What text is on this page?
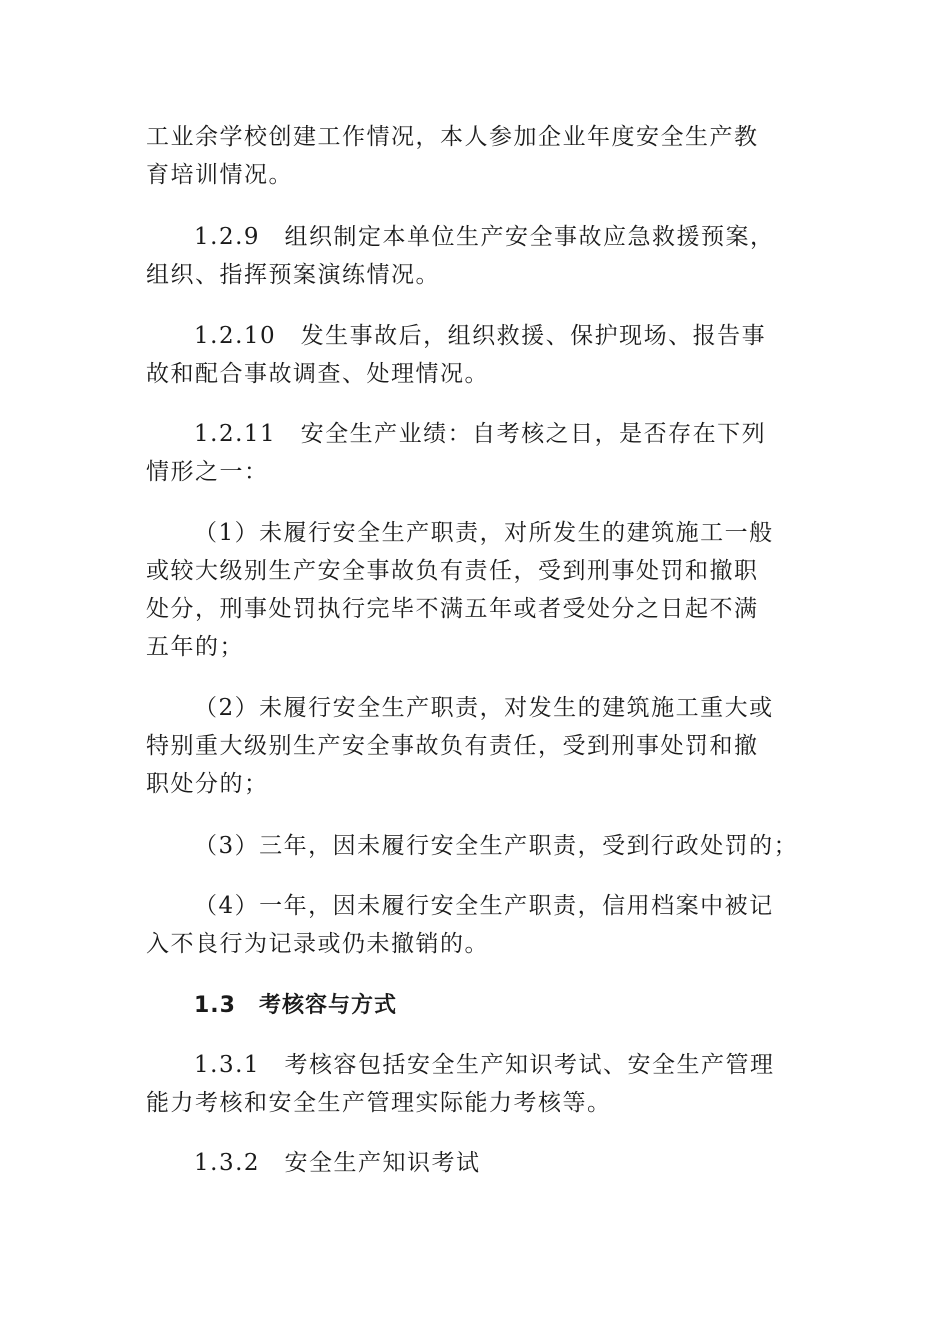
工业余学校创建工作情况，本人参加企业年度安全生产教
育培训情况。

1.2.9　组织制定本单位生产安全事故应急救援预案，
组织、指挥预案演练情况。

1.2.10　发生事故后，组织救援、保护现场、报告事
故和配合事故调查、处理情况。

1.2.11　安全生产业绩：自考核之日，是否存在下列
情形之一：

（1）未履行安全生产职责，对所发生的建筑施工一般
或较大级别生产安全事故负有责任，受到刑事处罚和撤职
处分，刑事处罚执行完毕不满五年或者受处分之日起不满
五年的；

（2）未履行安全生产职责，对发生的建筑施工重大或
特别重大级别生产安全事故负有责任，受到刑事处罚和撤
职处分的；

（3）三年，因未履行安全生产职责，受到行政处罚的；

（4）一年，因未履行安全生产职责，信用档案中被记
入不良行为记录或仍未撤销的。

1.3　考核容与方式

1.3.1　考核容包括安全生产知识考试、安全生产管理
能力考核和安全生产管理实际能力考核等。

1.3.2　安全生产知识考试
